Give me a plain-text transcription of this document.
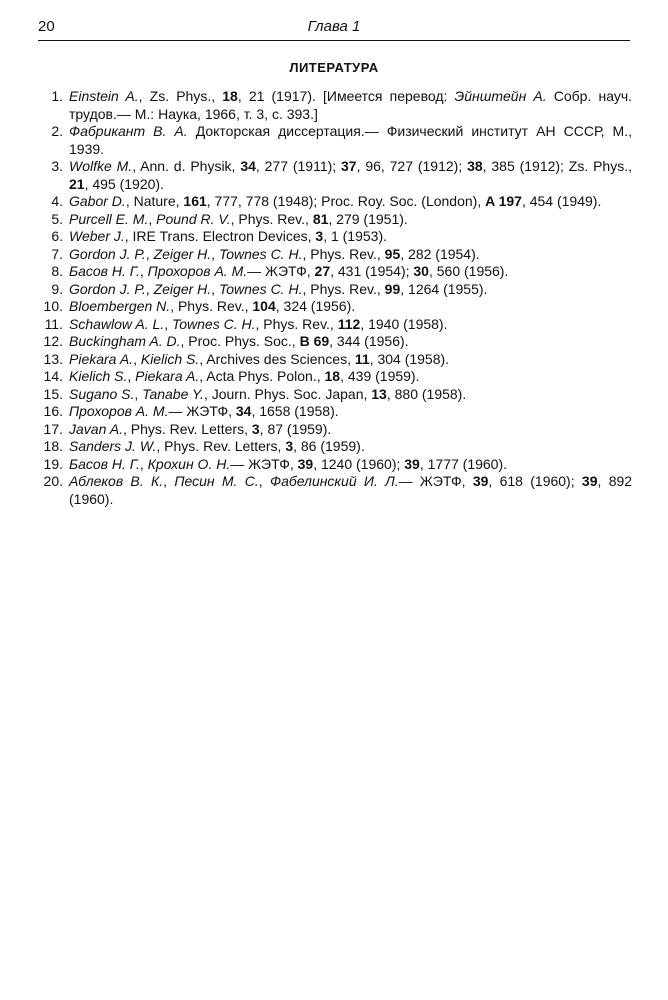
20	Глава 1
ЛИТЕРАТУРА
1. Einstein A., Zs. Phys., 18, 21 (1917). [Имеется перевод: Эйнштейн А. Собр. науч. трудов.— М.: Наука, 1966, т. 3, с. 393.]
2. Фабрикант В. А. Докторская диссертация.— Физический институт АН СССР, М., 1939.
3. Wolfke M., Ann. d. Physik, 34, 277 (1911); 37, 96, 727 (1912); 38, 385 (1912); Zs. Phys., 21, 495 (1920).
4. Gabor D., Nature, 161, 777, 778 (1948); Proc. Roy. Soc. (London), A 197, 454 (1949).
5. Purcell E. M., Pound R. V., Phys. Rev., 81, 279 (1951).
6. Weber J., IRE Trans. Electron Devices, 3, 1 (1953).
7. Gordon J. P., Zeiger H., Townes C. H., Phys. Rev., 95, 282 (1954).
8. Басов Н. Г., Прохоров А. М.— ЖЭТФ, 27, 431 (1954); 30, 560 (1956).
9. Gordon J. P., Zeiger H., Townes C. H., Phys. Rev., 99, 1264 (1955).
10. Bloembergen N., Phys. Rev., 104, 324 (1956).
11. Schawlow A. L., Townes C. H., Phys. Rev., 112, 1940 (1958).
12. Buckingham A. D., Proc. Phys. Soc., B 69, 344 (1956).
13. Piekara A., Kielich S., Archives des Sciences, 11, 304 (1958).
14. Kielich S., Piekara A., Acta Phys. Polon., 18, 439 (1959).
15. Sugano S., Tanabe Y., Journ. Phys. Soc. Japan, 13, 880 (1958).
16. Прохоров А. М.— ЖЭТФ, 34, 1658 (1958).
17. Javan A., Phys. Rev. Letters, 3, 87 (1959).
18. Sanders J. W., Phys. Rev. Letters, 3, 86 (1959).
19. Басов Н. Г., Крохин О. Н.— ЖЭТФ, 39, 1240 (1960); 39, 1777 (1960).
20. Аблеков В. К., Песин М. С., Фабелинский И. Л.— ЖЭТФ, 39, 618 (1960); 39, 892 (1960).
